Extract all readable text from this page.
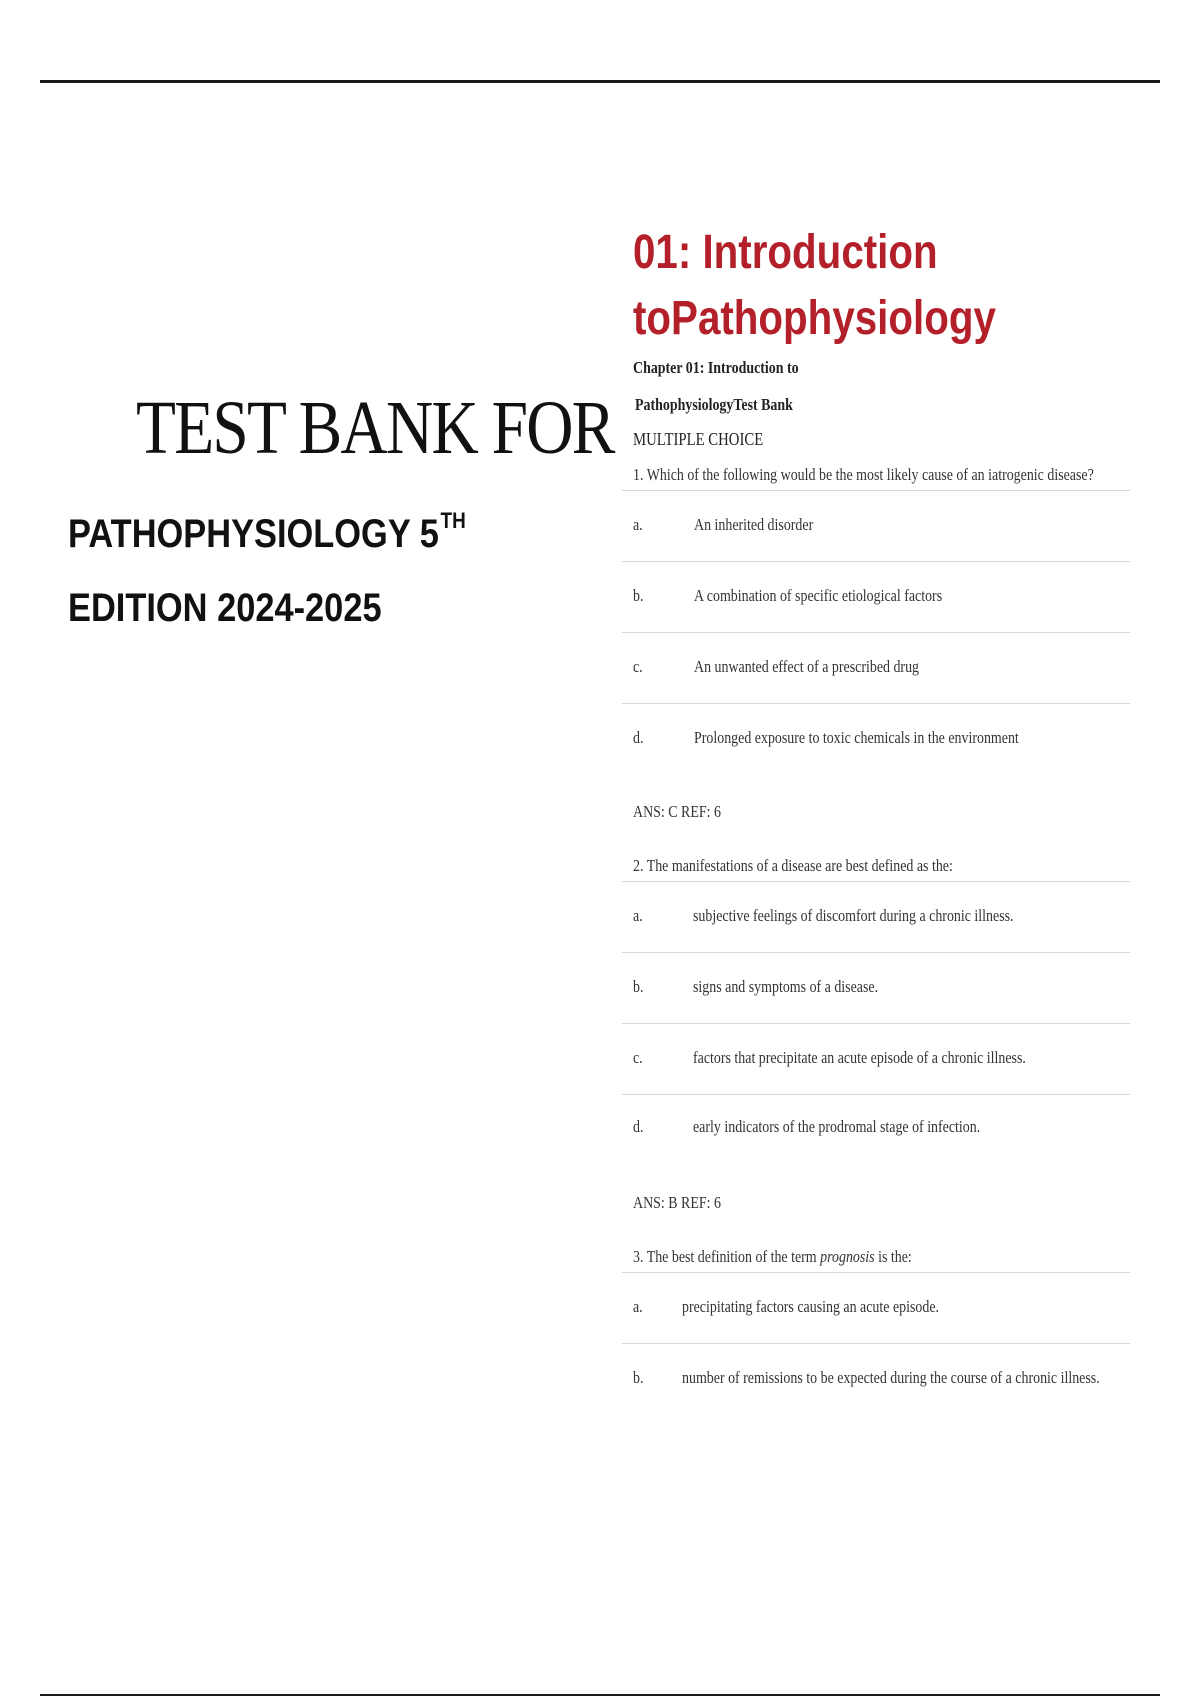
TEST BANK FOR
PATHOPHYSIOLOGY 5TH
EDITION 2024-2025
01: Introduction
toPathophysiology
Chapter 01: Introduction to
PathophysiologyTest Bank
MULTIPLE CHOICE
1. Which of the following would be the most likely cause of an iatrogenic disease?
a.	An inherited disorder
b.	A combination of specific etiological factors
c.	An unwanted effect of a prescribed drug
d.	Prolonged exposure to toxic chemicals in the environment
ANS: C REF: 6
2. The manifestations of a disease are best defined as the:
a.	subjective feelings of discomfort during a chronic illness.
b.	signs and symptoms of a disease.
c.	factors that precipitate an acute episode of a chronic illness.
d.	early indicators of the prodromal stage of infection.
ANS: B REF: 6
3. The best definition of the term prognosis is the:
a. precipitating factors causing an acute episode.
b. number of remissions to be expected during the course of a chronic illness.
